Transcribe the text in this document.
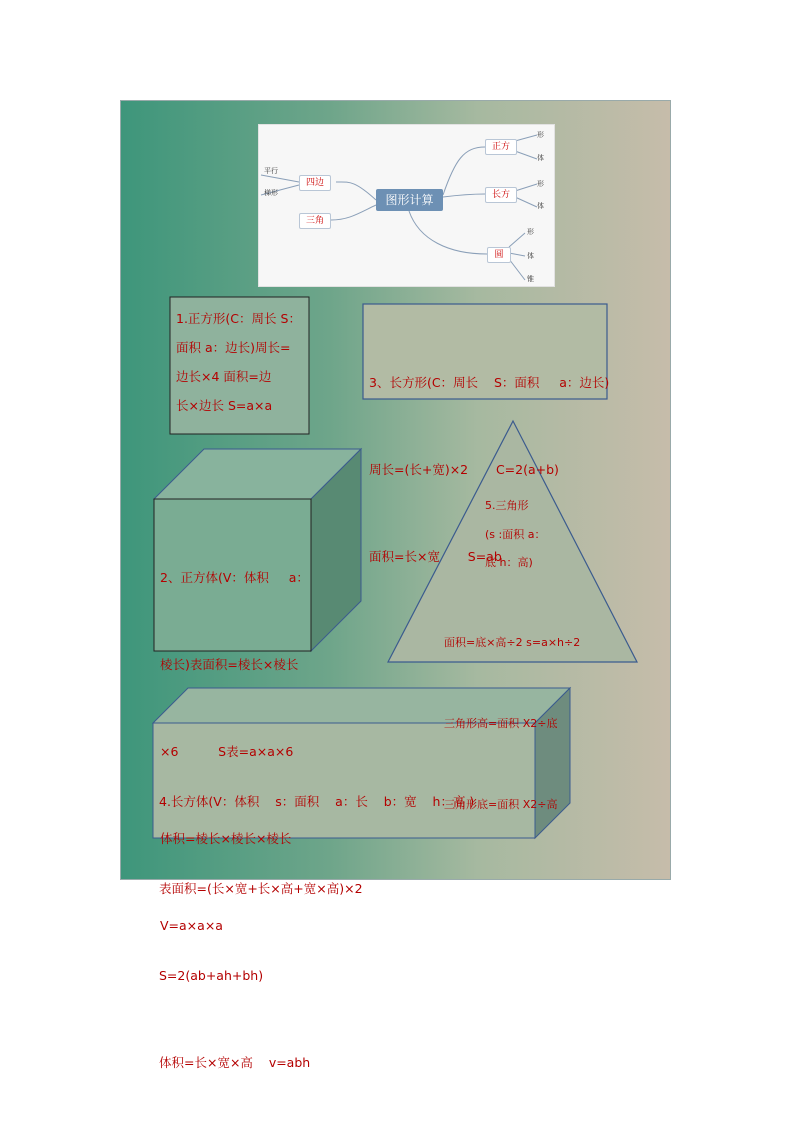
图形计算
四边
三角
平行
梯形
正方
长方
圆
形
体
形
体
形
体
锥

1.正方形(C：周长 S：

面积 a：边长)周长=

边长×4 面积=边

长×边长 S=a×a

3、长方形(C：周长    S：面积     a：边长)

周长=(长+宽)×2       C=2(a+b)

面积=长×宽       S=ab

2、正方体(V：体积     a：

棱长)表面积=棱长×棱长

×6          S表=a×a×6

体积=棱长×棱长×棱长

V=a×a×a

5.三角形

(s :面积 a：

底 h：高)

面积=底×高÷2 s=a×h÷2

三角形高=面积 X2÷底

三角形底=面积 X2÷高

4.长方体(V：体积    s：面积    a：长    b：宽    h：高 )

表面积=(长×宽+长×高+宽×高)×2

S=2(ab+ah+bh)

体积=长×宽×高    v=abh
